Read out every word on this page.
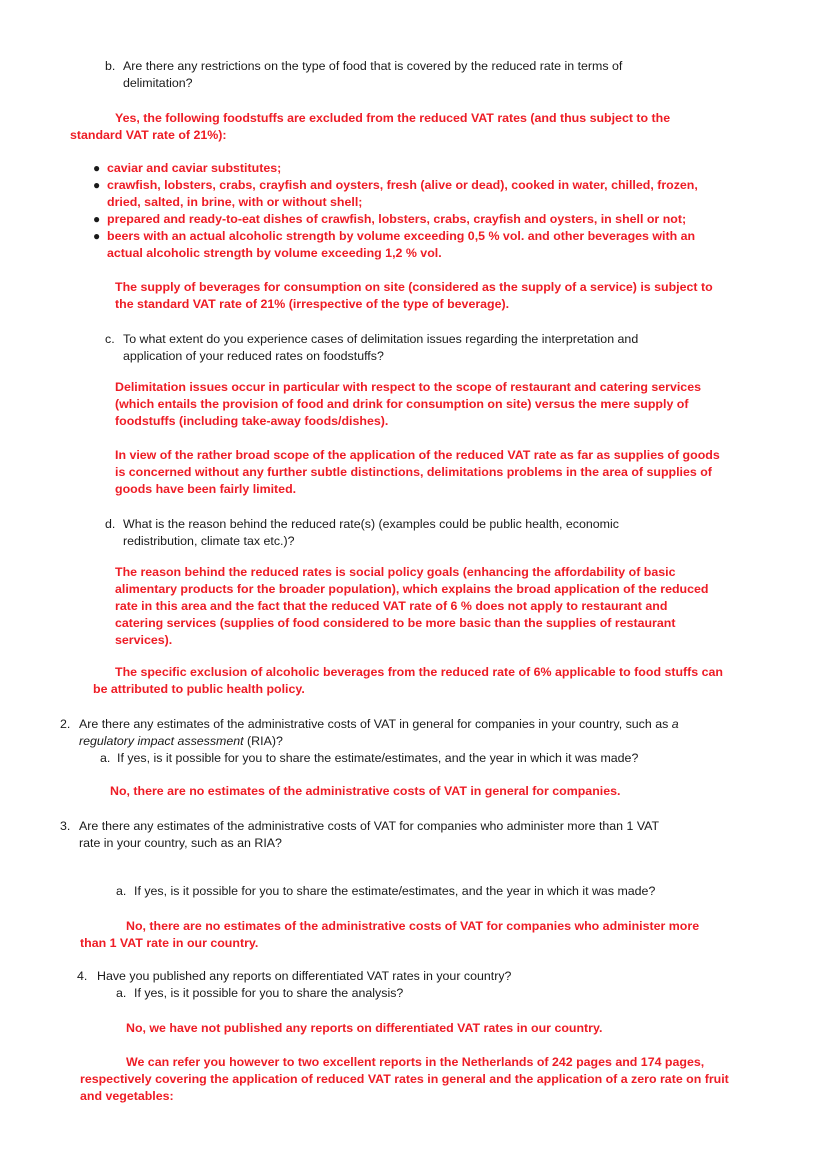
b. Are there any restrictions on the type of food that is covered by the reduced rate in terms of
delimitation?
Yes, the following foodstuffs are excluded from the reduced VAT rates (and thus subject to the
standard VAT rate of 21%):
● caviar and caviar substitutes;
● crawfish, lobsters, crabs, crayfish and oysters, fresh (alive or dead), cooked in water, chilled, frozen,
dried, salted, in brine, with or without shell;
● prepared and ready-to-eat dishes of crawfish, lobsters, crabs, crayfish and oysters, in shell or not;
● beers with an actual alcoholic strength by volume exceeding 0,5 % vol. and other beverages with an
actual alcoholic strength by volume exceeding 1,2 % vol.
The supply of beverages for consumption on site (considered as the supply of a service) is subject to
the standard VAT rate of 21% (irrespective of the type of beverage).
c. To what extent do you experience cases of delimitation issues regarding the interpretation and
application of your reduced rates on foodstuffs?
Delimitation issues occur in particular with respect to the scope of restaurant and catering services
(which entails the provision of food and drink for consumption on site) versus the mere supply of
foodstuffs (including take-away foods/dishes).
In view of the rather broad scope of the application of the reduced VAT rate as far as supplies of goods
is concerned without any further subtle distinctions, delimitations problems in the area of supplies of
goods have been fairly limited.
d. What is the reason behind the reduced rate(s) (examples could be public health, economic
redistribution, climate tax etc.)?
The reason behind the reduced rates is social policy goals (enhancing the affordability of basic
alimentary products for the broader population), which explains the broad application of the reduced
rate in this area and the fact that the reduced VAT rate of 6 % does not apply to restaurant and
catering services (supplies of food considered to be more basic than the supplies of restaurant
services).
The specific exclusion of alcoholic beverages from the reduced rate of 6% applicable to food stuffs can
be attributed to public health policy.
2. Are there any estimates of the administrative costs of VAT in general for companies in your country, such as a
regulatory impact assessment (RIA)?
a. If yes, is it possible for you to share the estimate/estimates, and the year in which it was made?
No, there are no estimates of the administrative costs of VAT in general for companies.
3. Are there any estimates of the administrative costs of VAT for companies who administer more than 1 VAT
rate in your country, such as an RIA?
a. If yes, is it possible for you to share the estimate/estimates, and the year in which it was made?
No, there are no estimates of the administrative costs of VAT for companies who administer more
than 1 VAT rate in our country.
4. Have you published any reports on differentiated VAT rates in your country?
a. If yes, is it possible for you to share the analysis?
No, we have not published any reports on differentiated VAT rates in our country.
We can refer you however to two excellent reports in the Netherlands of 242 pages and 174 pages,
respectively covering the application of reduced VAT rates in general and the application of a zero rate on fruit
and vegetables:
